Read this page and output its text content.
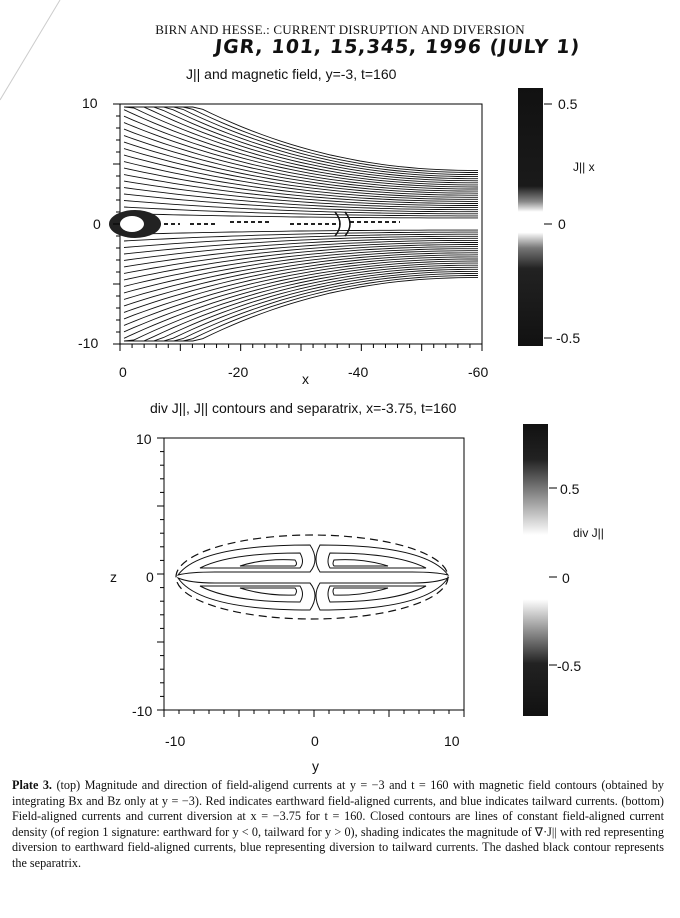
BIRN AND HESSE.: CURRENT DISRUPTION AND DIVERSION
JGR, 101, 15,345, 1996 (JULY 1)
J|| and magnetic field, y=-3, t=160
10
0
-10
0	-20	-40	-60
x
0.5
0
-0.5
J|| x
div J||, J|| contours and separatrix, x=-3.75, t=160
10
0
-10
z
-10	0	10
y
0.5
0
-0.5
div J||
Plate 3. (top) Magnitude and direction of field-aligend currents at y = −3 and t = 160 with magnetic field contours (obtained by integrating Bx and Bz only at y = −3). Red indicates earthward field-aligned currents, and blue indicates tailward currents. (bottom) Field-aligned currents and current diversion at x = −3.75 for t = 160. Closed contours are lines of constant field-aligned current density (of region 1 signature: earthward for y < 0, tailward for y > 0), shading indicates the magnitude of ∇·J|| with red representing diversion to earthward field-aligned currents, blue representing diversion to tailward currents. The dashed black contour represents the separatrix.
